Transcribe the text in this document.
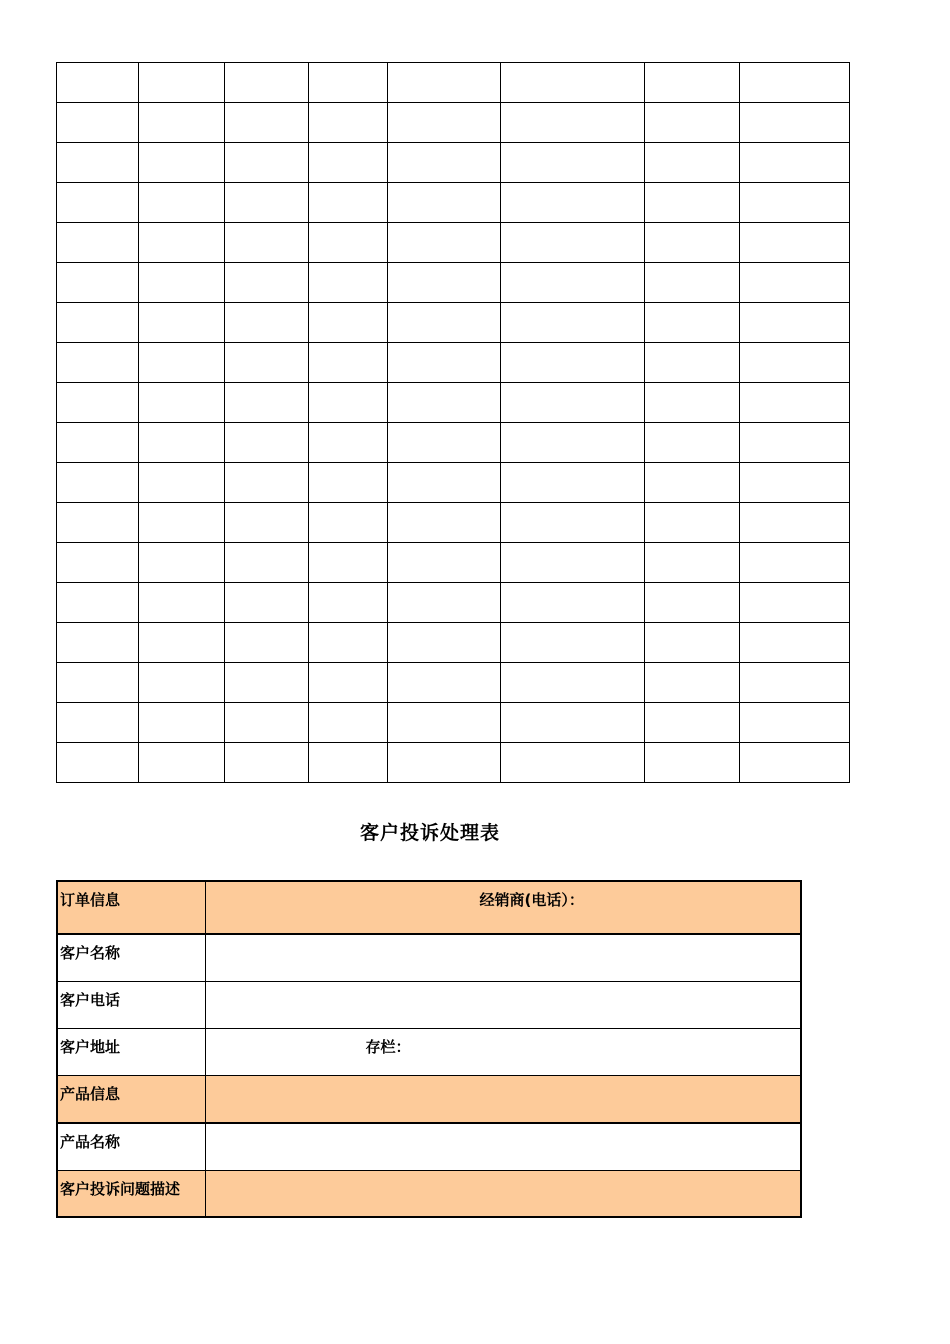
客户投诉处理表
订单信息	经销商(电话）：

客户名称	
客户电话	
客户地址	存栏：

产品信息	
产品名称	
客户投诉问题描述	
